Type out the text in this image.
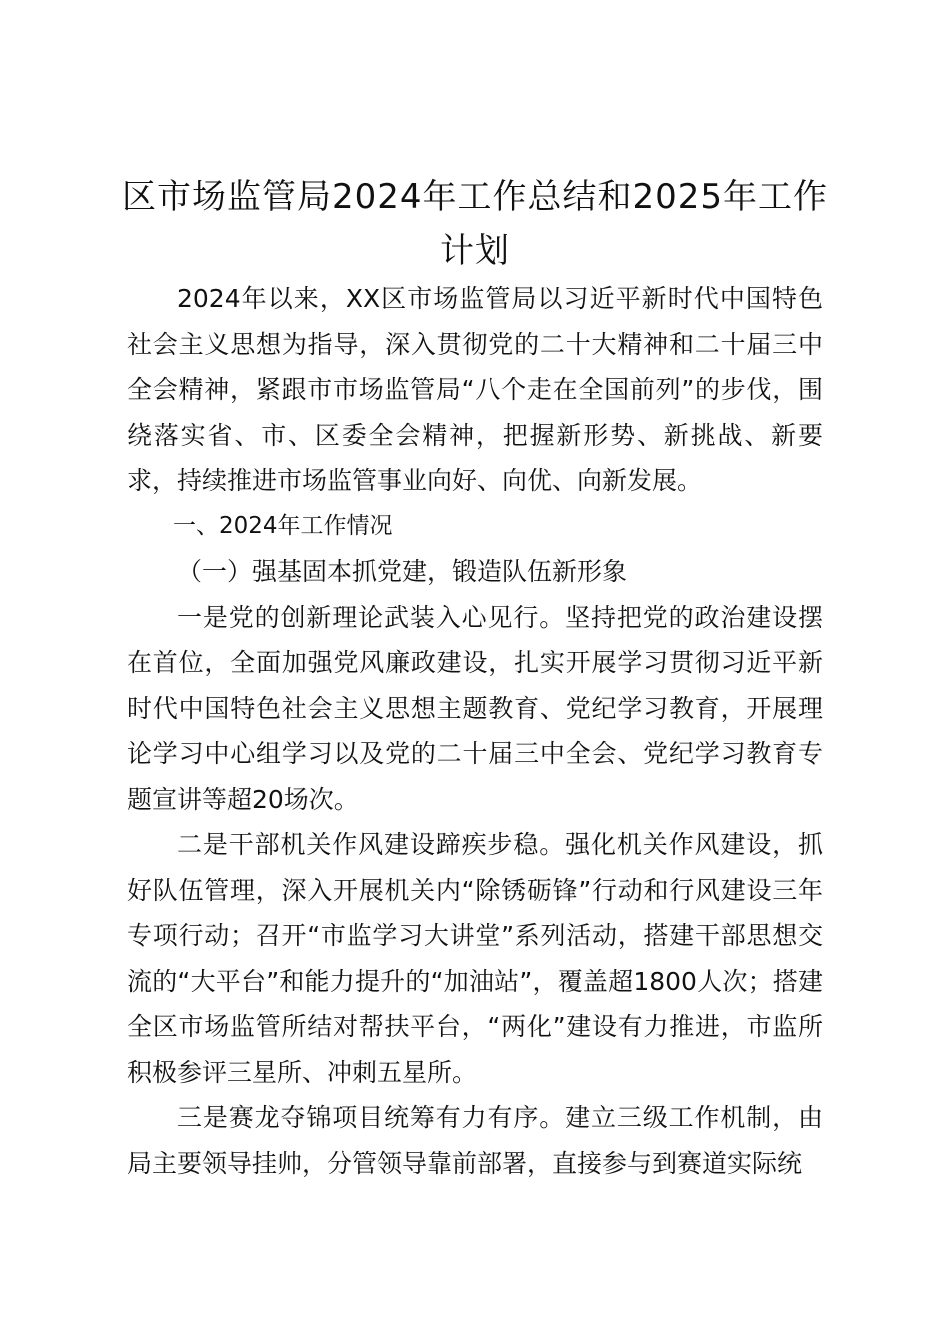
区市场监管局2024年工作总结和2025年工作计划

2024年以来，XX区市场监管局以习近平新时代中国特色社会主义思想为指导，深入贯彻党的二十大精神和二十届三中全会精神，紧跟市市场监管局“八个走在全国前列”的步伐，围绕落实省、市、区委全会精神，把握新形势、新挑战、新要求，持续推进市场监管事业向好、向优、向新发展。

一、2024年工作情况

（一）强基固本抓党建，锻造队伍新形象

一是党的创新理论武装入心见行。坚持把党的政治建设摆在首位，全面加强党风廉政建设，扎实开展学习贯彻习近平新时代中国特色社会主义思想主题教育、党纪学习教育，开展理论学习中心组学习以及党的二十届三中全会、党纪学习教育专题宣讲等超20场次。

二是干部机关作风建设蹄疾步稳。强化机关作风建设，抓好队伍管理，深入开展机关内“除锈砺锋”行动和行风建设三年专项行动；召开“市监学习大讲堂”系列活动，搭建干部思想交流的“大平台”和能力提升的“加油站”，覆盖超1800人次；搭建全区市场监管所结对帮扶平台，“两化”建设有力推进，市监所积极参评三星所、冲刺五星所。

三是赛龙夺锦项目统筹有力有序。建立三级工作机制，由局主要领导挂帅，分管领导靠前部署，直接参与到赛道实际统
